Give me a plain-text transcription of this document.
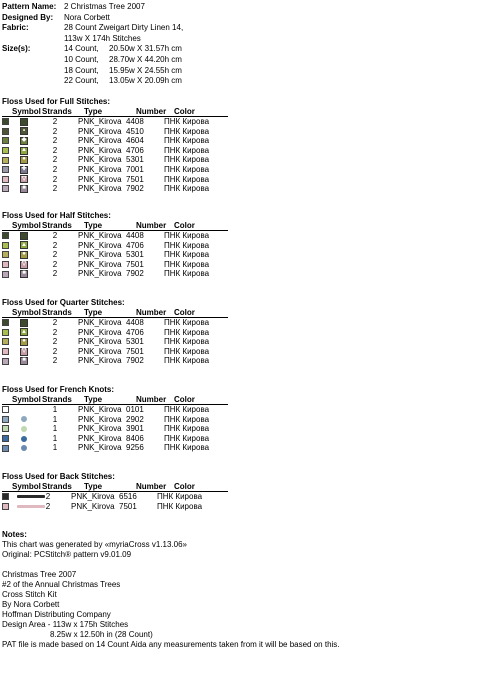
Pattern Name: 2 Christmas Tree 2007
Designed By:	Nora Corbett
Fabric:	28 Count Zweigart Dirty Linen 14,
113w X 174h Stitches
Size(s):	14 Count, 20.50w X 31.57h cm
10 Count, 28.70w X 44.20h cm
18 Count, 15.95w X 24.55h cm
22 Count, 13.05w X 20.09h cm
Floss Used for Full Stitches:
Symbol Strands	Type	Number Color
2	PNK_Kirova 4408	ПНК Кирова
•	2	PNK_Kirova 4510	ПНК Кирова
◆	2	PNK_Kirova 4604	ПНК Кирова
▲	2	PNK_Kirova 4706	ПНК Кирова
●	2	PNK_Kirova 5301	ПНК Кирова
✚	2	PNK_Kirova 7001	ПНК Кирова
▽	2	PNK_Kirova 7501	ПНК Кирова
■	2	PNK_Kirova 7902	ПНК Кирова
Floss Used for Half Stitches:
Symbol Strands	Type	Number Color
2	PNK_Kirova 4408	ПНК Кирова
▲	2	PNK_Kirova 4706	ПНК Кирова
●	2	PNK_Kirova 5301	ПНК Кирова
▽	2	PNK_Kirova 7501	ПНК Кирова
■	2	PNK_Kirova 7902	ПНК Кирова
Floss Used for Quarter Stitches:
Symbol Strands	Type	Number Color
2	PNK_Kirova 4408	ПНК Кирова
▲	2	PNK_Kirova 4706	ПНК Кирова
●	2	PNK_Kirova 5301	ПНК Кирова
▽	2	PNK_Kirova 7501	ПНК Кирова
■	2	PNK_Kirova 7902	ПНК Кирова
Floss Used for French Knots:
Symbol Strands	Type	Number Color
1	PNK_Kirova 0101	ПНК Кирова
1	PNK_Kirova 2902	ПНК Кирова
1	PNK_Kirova 3901	ПНК Кирова
1	PNK_Kirova 8406	ПНК Кирова
1	PNK_Kirova 9256	ПНК Кирова
Floss Used for Back Stitches:
Symbol Strands	Type	Number Color
2	PNK_Kirova 6516	ПНК Кирова
2	PNK_Kirova 7501	ПНК Кирова
Notes:
This chart was generated by «myriaCross v1.13.06»
Original: PCStitch® pattern v9.01.09
Christmas Tree 2007
#2 of the Annual Christmas Trees
Cross Stitch Kit
By Nora Corbett
Hoffman Distributing Company
Design Area - 113w x 175h Stitches
8.25w x 12.50h in (28 Count)
PAT file is made based on 14 Count Aida any measurements taken from it will be based on this.
